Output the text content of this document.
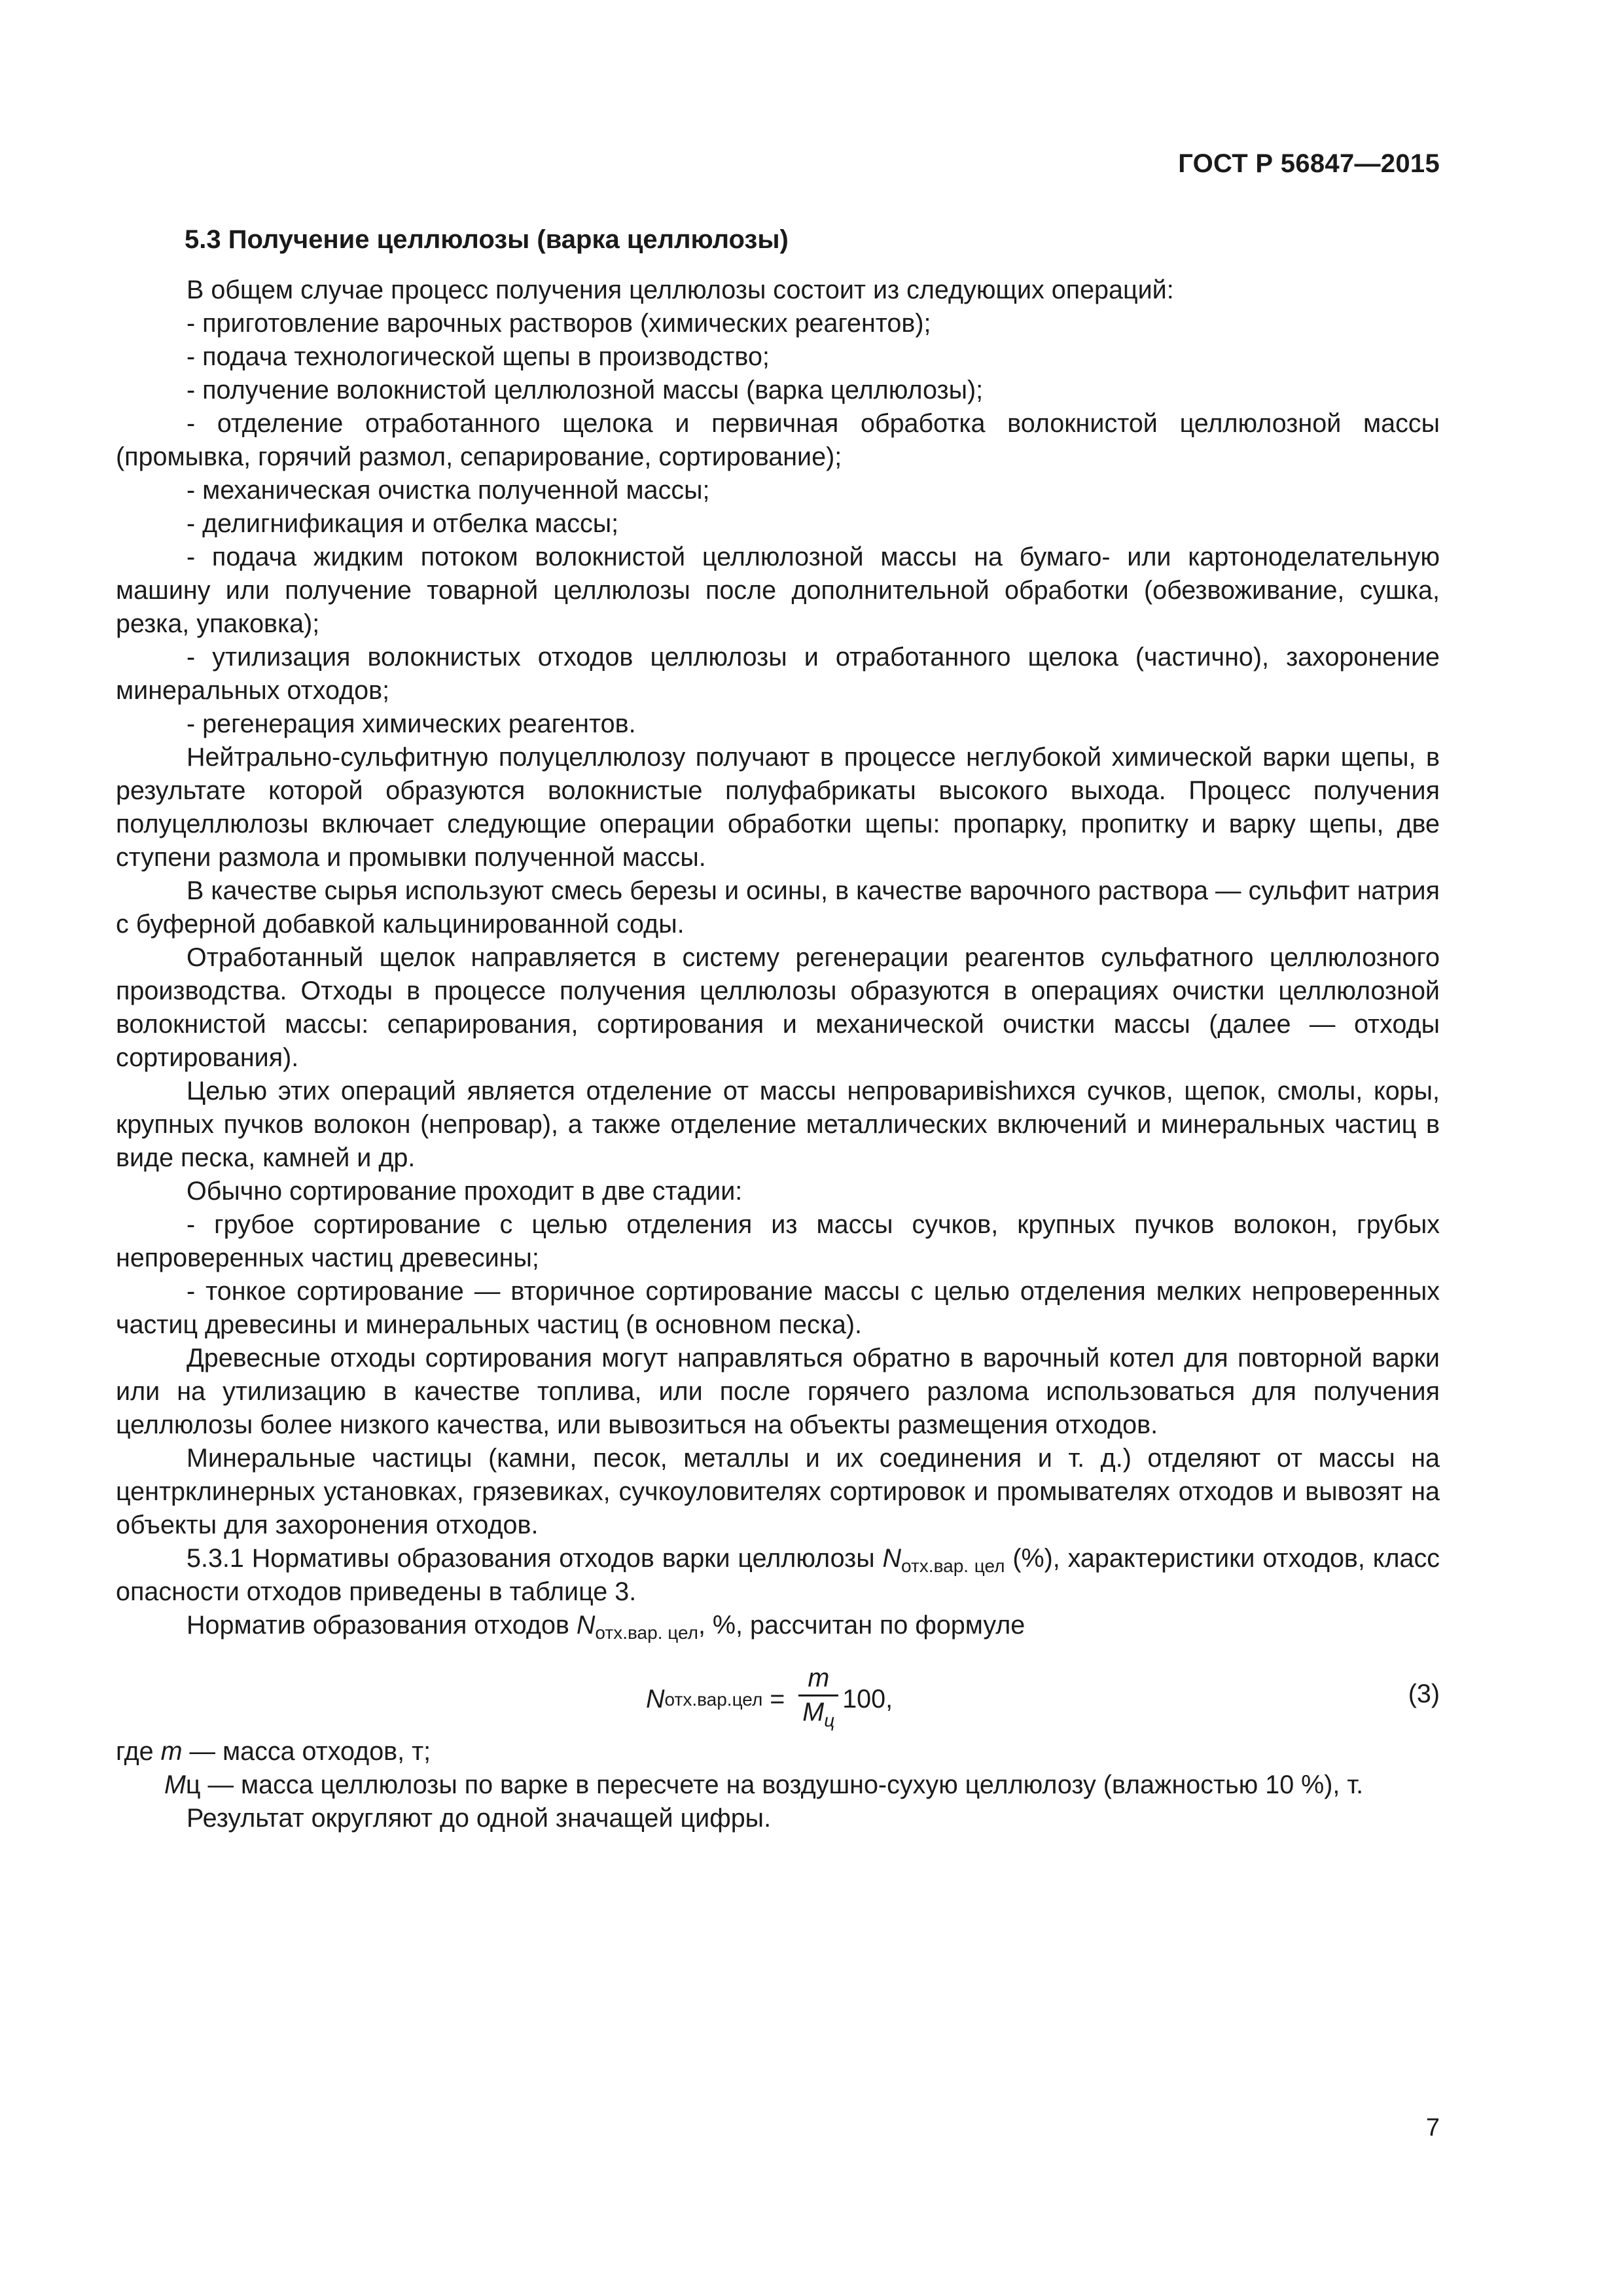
ГОСТ Р 56847—2015
5.3 Получение целлюлозы (варка целлюлозы)

В общем случае процесс получения целлюлозы состоит из следующих операций:

- приготовление варочных растворов (химических реагентов);

- подача технологической щепы в производство;

- получение волокнистой целлюлозной массы (варка целлюлозы);

- отделение отработанного щелока и первичная обработка волокнистой целлюлозной массы (промывка, горячий размол, сепарирование, сортирование);

- механическая очистка полученной массы;

- делигнификация и отбелка массы;

- подача жидким потоком волокнистой целлюлозной массы на бумаго- или картоноделательную машину или получение товарной целлюлозы после дополнительной обработки (обезвоживание, сушка, резка, упаковка);

- утилизация волокнистых отходов целлюлозы и отработанного щелока (частично), захоронение минеральных отходов;

- регенерация химических реагентов.

Нейтрально-сульфитную полуцеллюлозу получают в процессе неглубокой химической варки щепы, в результате которой образуются волокнистые полуфабрикаты высокого выхода. Процесс получения полуцеллюлозы включает следующие операции обработки щепы: пропарку, пропитку и варку щепы, две ступени размола и промывки полученной массы.

В качестве сырья используют смесь березы и осины, в качестве варочного раствора — сульфит натрия с буферной добавкой кальцинированной соды.

Отработанный щелок направляется в систему регенерации реагентов сульфатного целлюлозного производства. Отходы в процессе получения целлюлозы образуются в операциях очистки целлюлозной волокнистой массы: сепарирования, сортирования и механической очистки массы (далее — отходы сортирования).

Целью этих операций является отделение от массы непроваривishихся сучков, щепок, смолы, коры, крупных пучков волокон (непровар), а также отделение металлических включений и минеральных частиц в виде песка, камней и др.

Обычно сортирование проходит в две стадии:

- грубое сортирование с целью отделения из массы сучков, крупных пучков волокон, грубых непроверенных частиц древесины;

- тонкое сортирование — вторичное сортирование массы с целью отделения мелких непроверенных частиц древесины и минеральных частиц (в основном песка).

Древесные отходы сортирования могут направляться обратно в варочный котел для повторной варки или на утилизацию в качестве топлива, или после горячего разлома использоваться для получения целлюлозы более низкого качества, или вывозиться на объекты размещения отходов.

Минеральные частицы (камни, песок, металлы и их соединения и т. д.) отделяют от массы на центрклинерных установках, грязевиках, сучкоуловителях сортировок и промывателях отходов и вывозят на объекты для захоронения отходов.

5.3.1 Нормативы образования отходов варки целлюлозы $N_{отх.вар. цел}$ (%), характеристики отходов, класс опасности отходов приведены в таблице 3.

Норматив образования отходов $N_{отх.вар. цел}$, %, рассчитан по формуле

N $отх.вар.цел = \frac{m}{M_ц} 100$,	(3)

где m — масса отходов, т;

Mц — масса целлюлозы по варке в пересчете на воздушно-сухую целлюлозу (влажностью 10 %), т.

Результат округляют до одной значащей цифры.

7
